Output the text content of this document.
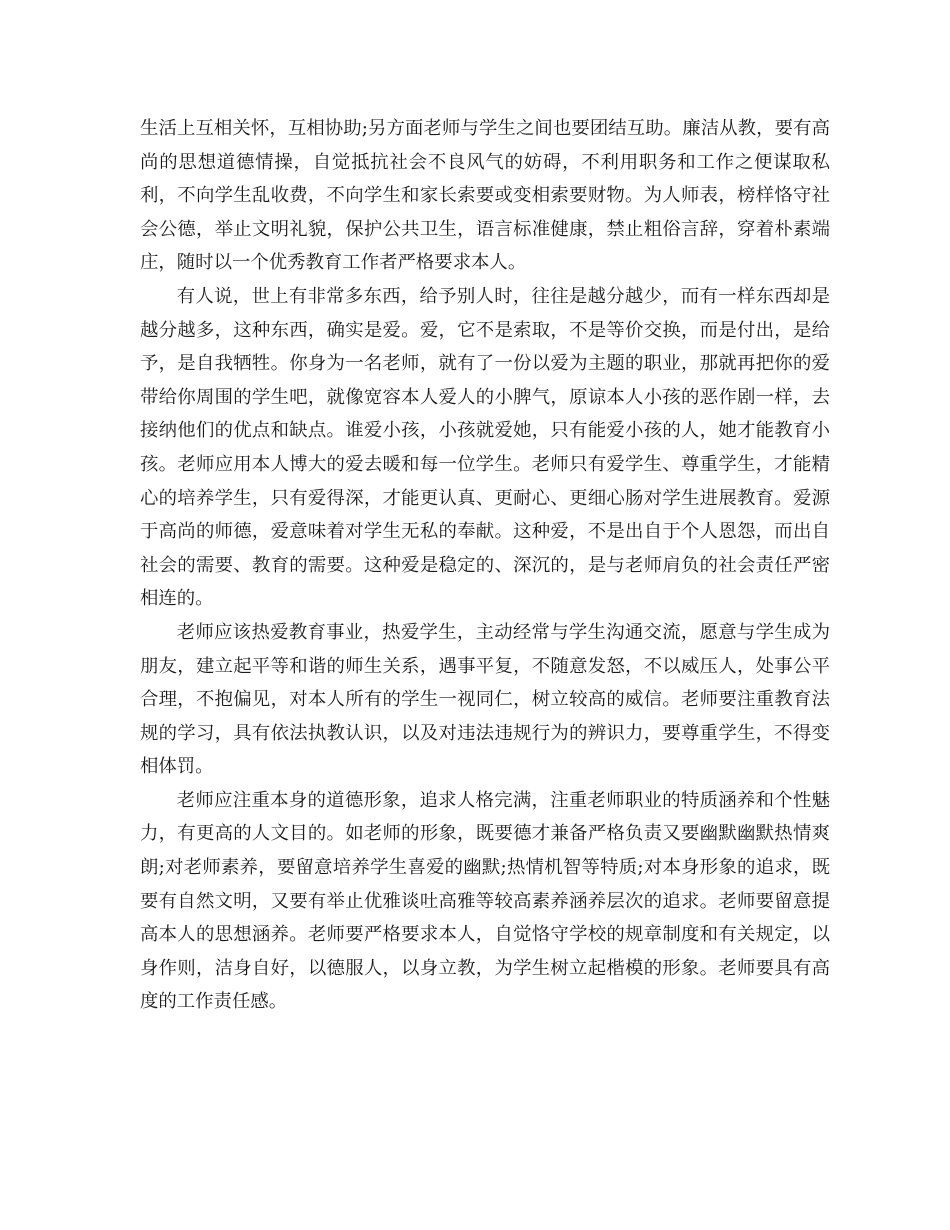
生活上互相关怀，互相协助;另方面老师与学生之间也要团结互助。廉洁从教，要有高尚的思想道德情操，自觉抵抗社会不良风气的妨碍，不利用职务和工作之便谋取私利，不向学生乱收费，不向学生和家长索要或变相索要财物。为人师表，榜样恪守社会公德，举止文明礼貌，保护公共卫生，语言标准健康，禁止粗俗言辞，穿着朴素端庄，随时以一个优秀教育工作者严格要求本人。

有人说，世上有非常多东西，给予别人时，往往是越分越少，而有一样东西却是越分越多，这种东西，确实是爱。爱，它不是索取，不是等价交换，而是付出，是给予，是自我牺牲。你身为一名老师，就有了一份以爱为主题的职业，那就再把你的爱带给你周围的学生吧，就像宽容本人爱人的小脾气，原谅本人小孩的恶作剧一样，去接纳他们的优点和缺点。谁爱小孩，小孩就爱她，只有能爱小孩的人，她才能教育小孩。老师应用本人博大的爱去暖和每一位学生。老师只有爱学生、尊重学生，才能精心的培养学生，只有爱得深，才能更认真、更耐心、更细心肠对学生进展教育。爱源于高尚的师德，爱意味着对学生无私的奉献。这种爱，不是出自于个人恩怨，而出自社会的需要、教育的需要。这种爱是稳定的、深沉的，是与老师肩负的社会责任严密相连的。

老师应该热爱教育事业，热爱学生，主动经常与学生沟通交流，愿意与学生成为朋友，建立起平等和谐的师生关系，遇事平复，不随意发怒，不以威压人，处事公平合理，不抱偏见，对本人所有的学生一视同仁，树立较高的威信。老师要注重教育法规的学习，具有依法执教认识，以及对违法违规行为的辨识力，要尊重学生，不得变相体罚。

老师应注重本身的道德形象，追求人格完满，注重老师职业的特质涵养和个性魅力，有更高的人文目的。如老师的形象，既要德才兼备严格负责又要幽默幽默热情爽朗;对老师素养，要留意培养学生喜爱的幽默;热情机智等特质;对本身形象的追求，既要有自然文明，又要有举止优雅谈吐高雅等较高素养涵养层次的追求。老师要留意提高本人的思想涵养。老师要严格要求本人，自觉恪守学校的规章制度和有关规定，以身作则，洁身自好，以德服人，以身立教，为学生树立起楷模的形象。老师要具有高度的工作责任感。
